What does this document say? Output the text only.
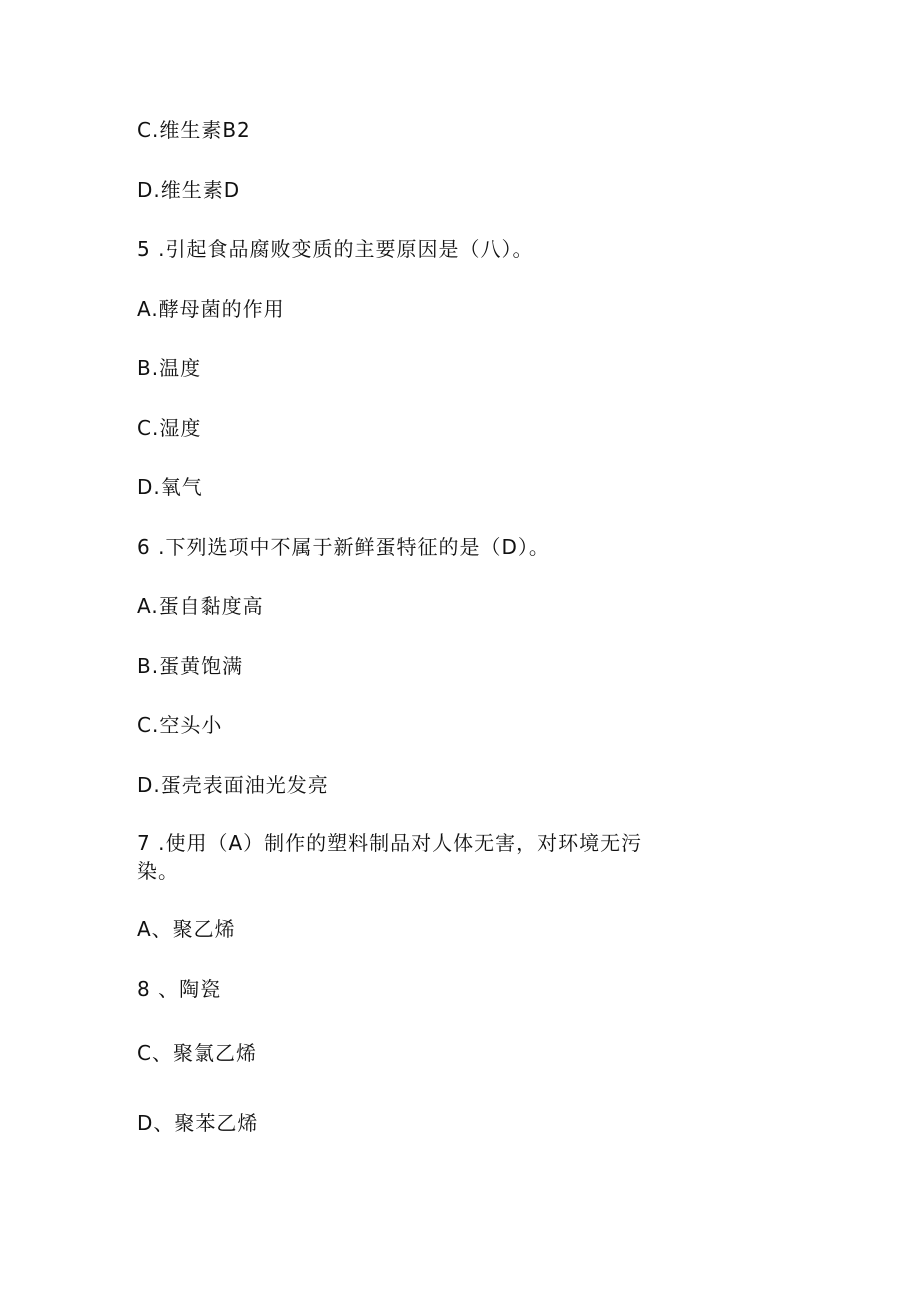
C.维生素B2
D.维生素D
5 .引起食品腐败变质的主要原因是（八）。
A.酵母菌的作用
B.温度
C.湿度
D.氧气
6 .下列选项中不属于新鲜蛋特征的是（D）。
A.蛋自黏度高
B.蛋黄饱满
C.空头小
D.蛋壳表面油光发亮
7 .使用（A）制作的塑料制品对人体无害，对环境无污染。
A、聚乙烯
8 、陶瓷
C、聚氯乙烯
D、聚苯乙烯
